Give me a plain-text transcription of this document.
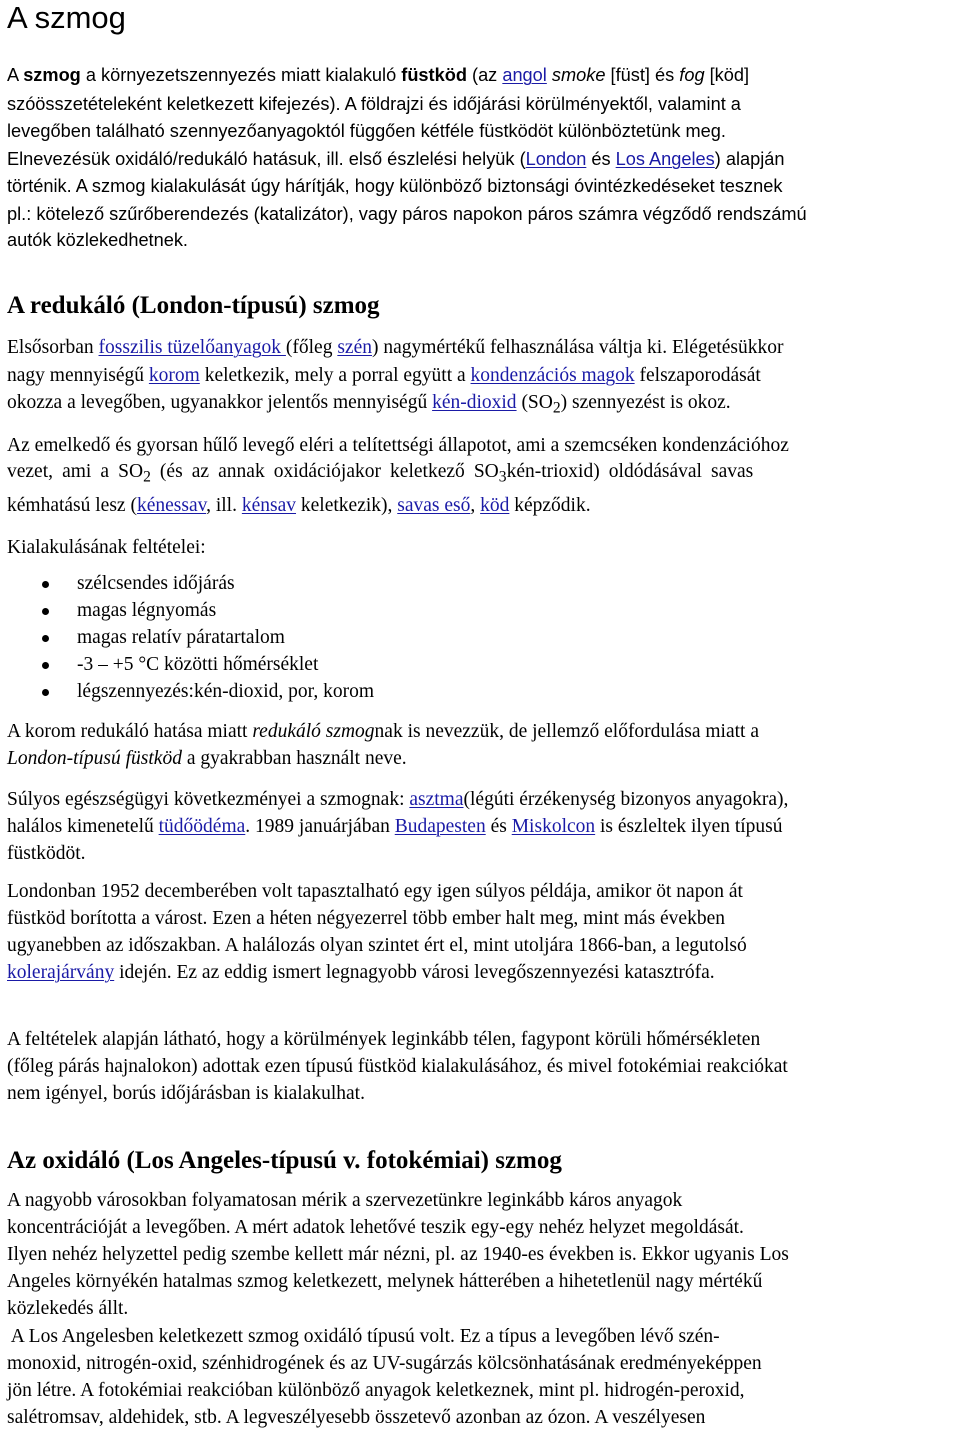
A szmog

A szmog a környezetszennyezés miatt kialakuló füstköd (az angol smoke [füst] és fog [köd]

szóösszetételeként keletkezett kifejezés). A földrajzi és időjárási körülményektől, valamint a

levegőben található szennyezőanyagoktól függően kétféle füstködöt különböztetünk meg.

Elnevezésük oxidáló/redukáló hatásuk, ill. első észlelési helyük (London és Los Angeles) alapján

történik. A szmog kialakulását úgy hárítják, hogy különböző biztonsági óvintézkedéseket tesznek

pl.: kötelező szűrőberendezés (katalizátor), vagy páros napokon páros számra végződő rendszámú

autók közlekedhetnek.

A redukáló (London-típusú) szmog

Elsősorban fosszilis tüzelőanyagok (főleg szén) nagymértékű felhasználása váltja ki. Elégetésükkor

nagy mennyiségű korom keletkezik, mely a porral együtt a kondenzációs magok felszaporodását

okozza a levegőben, ugyanakkor jelentős mennyiségű kén-dioxid $(SO_2)$ szennyezést is okoz.

Az emelkedő és gyorsan hűlő levegő eléri a telítettségi állapotot, ami a szemcséken kondenzációhoz

vezet, ami a $SO_2$ (és az annak oxidációjakor keletkező $SO_3kén-trioxid$) oldódásával savas

kémhatású lesz (kénessav, ill. kénsav keletkezik), savas eső, köd képződik.

Kialakulásának feltételei:

szélcsendes időjárás

magas légnyomás

magas relatív páratartalom

-3 – +5 °C közötti hőmérséklet

légszennyezés:kén-dioxid, por, korom

A korom redukáló hatása miatt redukáló szmognak is nevezzük, de jellemző előfordulása miatt a

London-típusú füstköd a gyakrabban használt neve.

Súlyos egészségügyi következményei a szmognak: asztma(légúti érzékenység bizonyos anyagokra),

halálos kimenetelű tüdőödéma. 1989 januárjában Budapesten és Miskolcon is észleltek ilyen típusú

füstködöt.

Londonban 1952 decemberében volt tapasztalható egy igen súlyos példája, amikor öt napon át

füstköd borította a várost. Ezen a héten négyezerrel több ember halt meg, mint más években

ugyanebben az időszakban. A halálozás olyan szintet ért el, mint utoljára 1866-ban, a legutolsó

kolerajárvány idején. Ez az eddig ismert legnagyobb városi levegőszennyezési katasztrófa.

A feltételek alapján látható, hogy a körülmények leginkább télen, fagypont körüli hőmérsékleten

(főleg párás hajnalokon) adottak ezen típusú füstköd kialakulásához, és mivel fotokémiai reakciókat

nem igényel, borús időjárásban is kialakulhat.

Az oxidáló (Los Angeles-típusú v. fotokémiai) szmog

A nagyobb városokban folyamatosan mérik a szervezetünkre leginkább káros anyagok

koncentrációját a levegőben. A mért adatok lehetővé teszik egy-egy nehéz helyzet megoldását.

Ilyen nehéz helyzettel pedig szembe kellett már nézni, pl. az 1940-es években is. Ekkor ugyanis Los

Angeles környékén hatalmas szmog keletkezett, melynek hátterében a hihetetlenül nagy mértékű

közlekedés állt.

A Los Angelesben keletkezett szmog oxidáló típusú volt. Ez a típus a levegőben lévő szén-

monoxid, nitrogén-oxid, szénhidrogének és az UV-sugárzás kölcsönhatásának eredményeképpen

jön létre. A fotokémiai reakcióban különböző anyagok keletkeznek, mint pl. hidrogén-peroxid,

salétromsav, aldehidek, stb. A legveszélyesebb összetevő azonban az ózon. A veszélyesen
